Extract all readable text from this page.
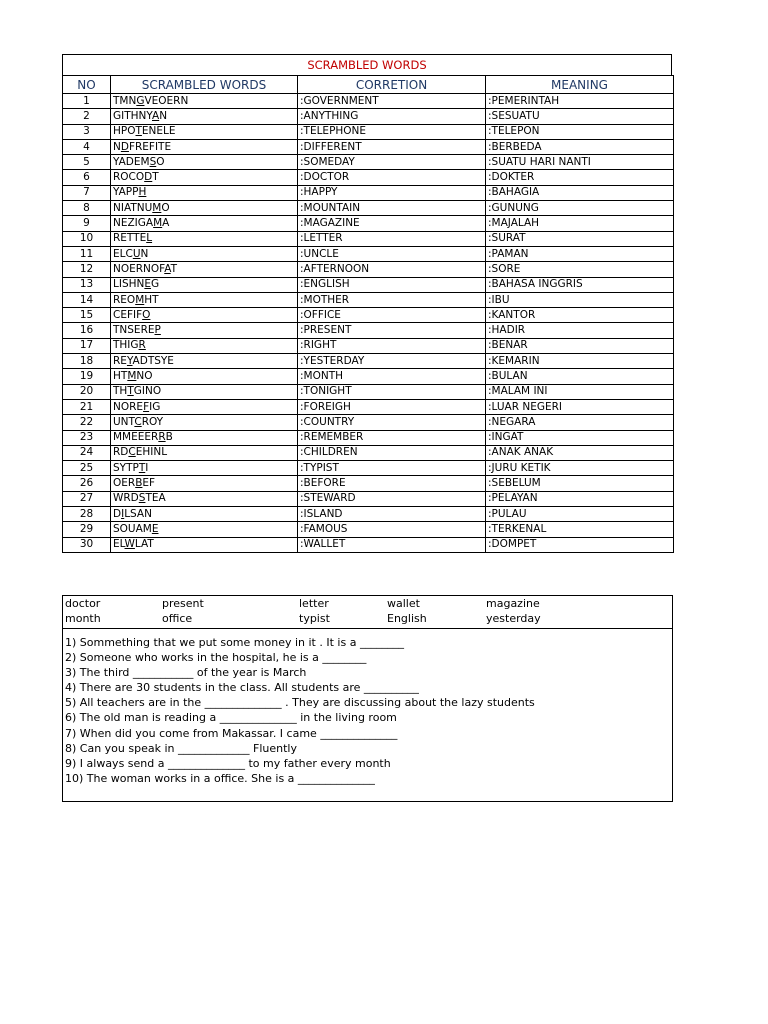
SCRAMBLED WORDS
NO	SCRAMBLED WORDS	CORRETION	MEANING
1	TMNGVEOERN	:GOVERNMENT	:PEMERINTAH
2	GITHNYAN	:ANYTHING	:SESUATU
3	HPOTENELE	:TELEPHONE	:TELEPON
4	NDFREFITE	:DIFFERENT	:BERBEDA
5	YADEMSO	:SOMEDAY	:SUATU HARI NANTI
6	ROCODT	:DOCTOR	:DOKTER
7	YAPPH	:HAPPY	:BAHAGIA
8	NIATNUMO	:MOUNTAIN	:GUNUNG
9	NEZIGAMA	:MAGAZINE	:MAJALAH
10	RETTEL	:LETTER	:SURAT
11	ELCUN	:UNCLE	:PAMAN
12	NOERNOFAT	:AFTERNOON	:SORE
13	LISHNEG	:ENGLISH	:BAHASA INGGRIS
14	REOMHT	:MOTHER	:IBU
15	CEFIFO	:OFFICE	:KANTOR
16	TNSEREP	:PRESENT	:HADIR
17	THIGR	:RIGHT	:BENAR
18	REYADTSYE	:YESTERDAY	:KEMARIN
19	HTMNO	:MONTH	:BULAN
20	THTGINO	:TONIGHT	:MALAM INI
21	NOREFIG	:FOREIGH	:LUAR NEGERI
22	UNTCROY	:COUNTRY	:NEGARA
23	MMEEERRB	:REMEMBER	:INGAT
24	RDCEHINL	:CHILDREN	:ANAK ANAK
25	SYTPTI	:TYPIST	:JURU KETIK
26	OERBEF	:BEFORE	:SEBELUM
27	WRDSTEA	:STEWARD	:PELAYAN
28	DILSAN	:ISLAND	:PULAU
29	SOUAME	:FAMOUS	:TERKENAL
30	ELWLAT	:WALLET	:DOMPET
doctor	present	letter	wallet	magazine
month	office	typist	English	yesterday
1) Sommething that we put some money in it . It is a ________
2) Someone who works in the hospital, he is a ________
3) The third ___________ of the year is March
4) There are 30 students in the class. All students are __________
5) All teachers are in the ______________ . They are discussing about the lazy students
6) The old man is reading a ______________ in the living room
7) When did you come from Makassar. I came ______________
8) Can you speak in _____________ Fluently
9) I always send a ______________ to my father every month
10) The woman works in a office. She is a ______________
